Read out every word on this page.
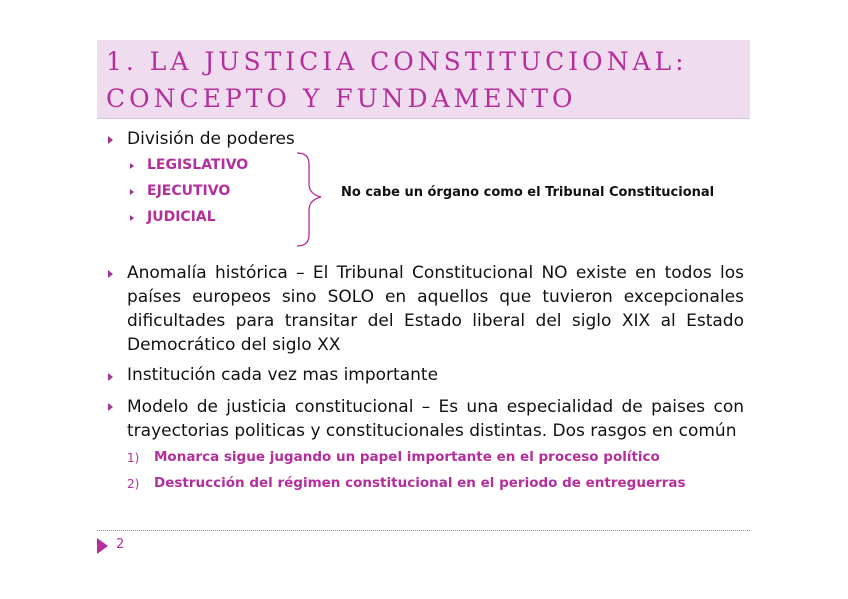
1. LA JUSTICIA CONSTITUCIONAL:
CONCEPTO Y FUNDAMENTO
División de poderes
LEGISLATIVO
EJECUTIVO
JUDICIAL
No cabe un órgano como el Tribunal Constitucional
Anomalía histórica – El Tribunal Constitucional NO existe en todos los países europeos sino SOLO en aquellos que tuvieron excepcionales dificultades para transitar del Estado liberal del siglo XIX al Estado Democrático del siglo XX
Institución cada vez mas importante
Modelo de justicia constitucional – Es una especialidad de paises con trayectorias politicas y constitucionales distintas. Dos rasgos en común
1) Monarca sigue jugando un papel importante en el proceso político
2) Destrucción del régimen constitucional en el periodo de entreguerras
2
